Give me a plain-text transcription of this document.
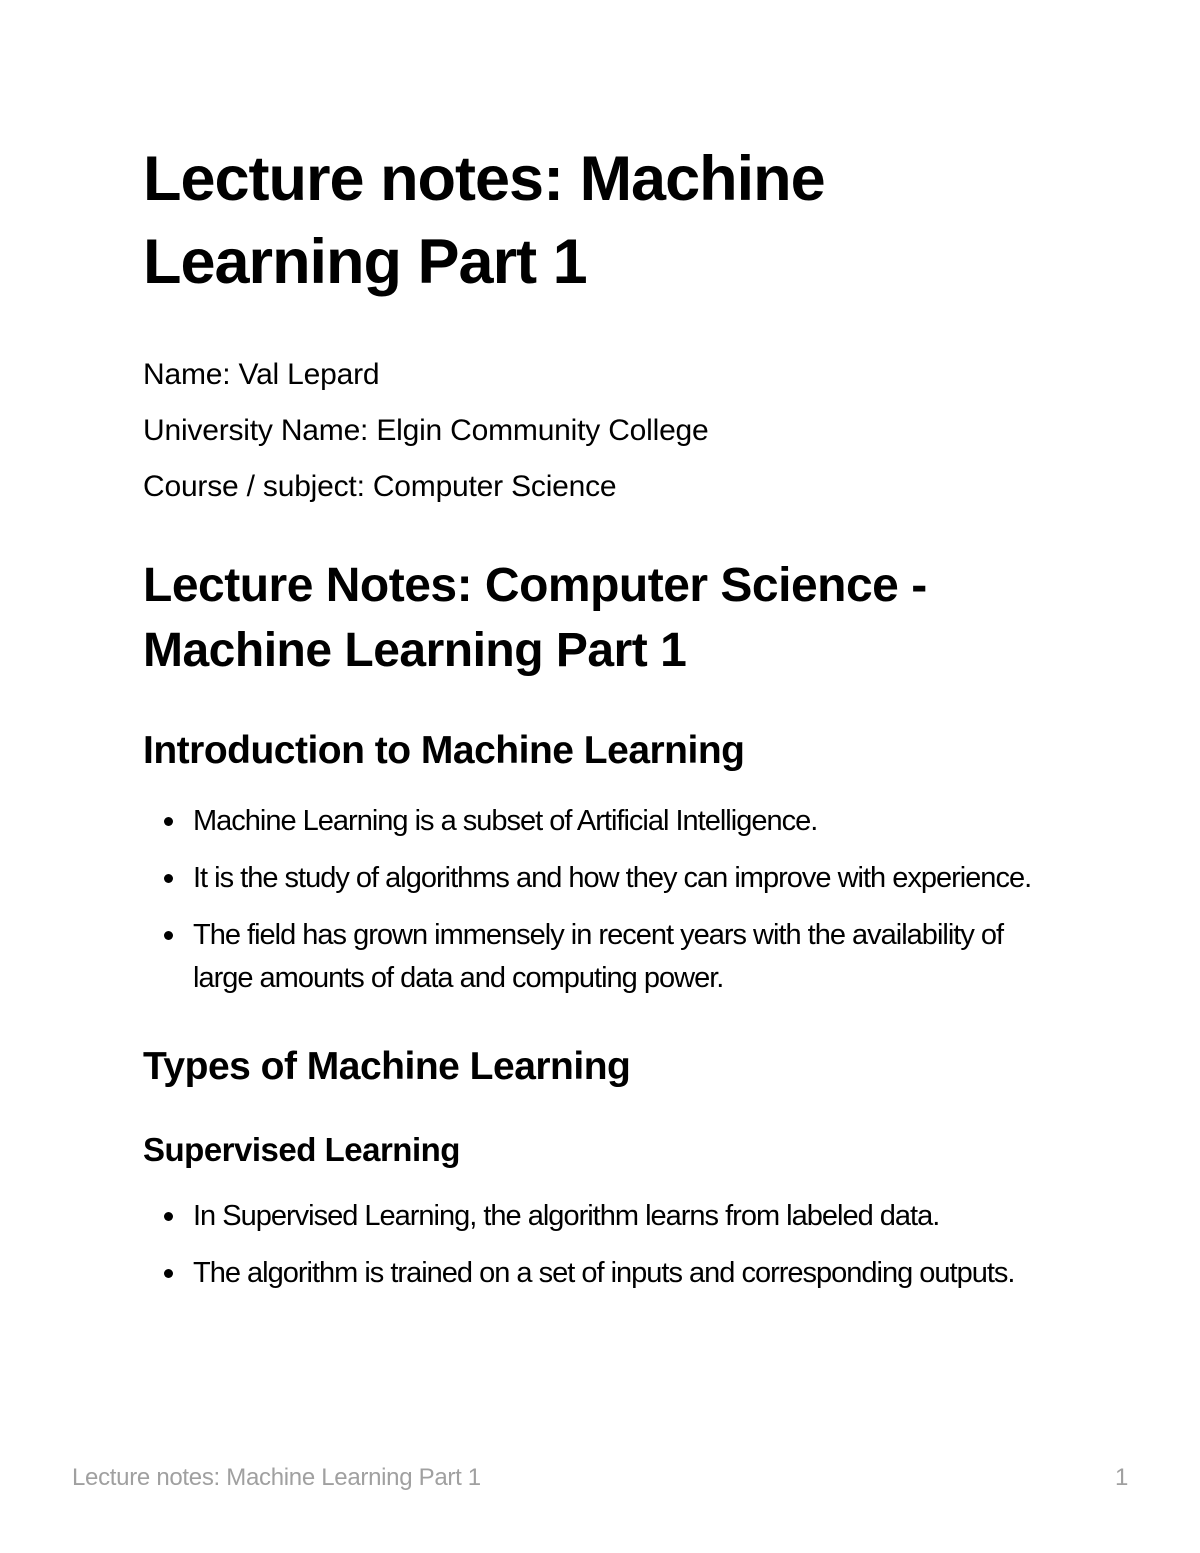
Lecture notes: Machine Learning Part 1

Name: Val Lepard

University Name: Elgin Community College

Course / subject: Computer Science

Lecture Notes: Computer Science - Machine Learning Part 1
Introduction to Machine Learning
Machine Learning is a subset of Artificial Intelligence.
It is the study of algorithms and how they can improve with experience.
The field has grown immensely in recent years with the availability of large amounts of data and computing power.
Types of Machine Learning
Supervised Learning
In Supervised Learning, the algorithm learns from labeled data.
The algorithm is trained on a set of inputs and corresponding outputs.
Lecture notes: Machine Learning Part 1	1
